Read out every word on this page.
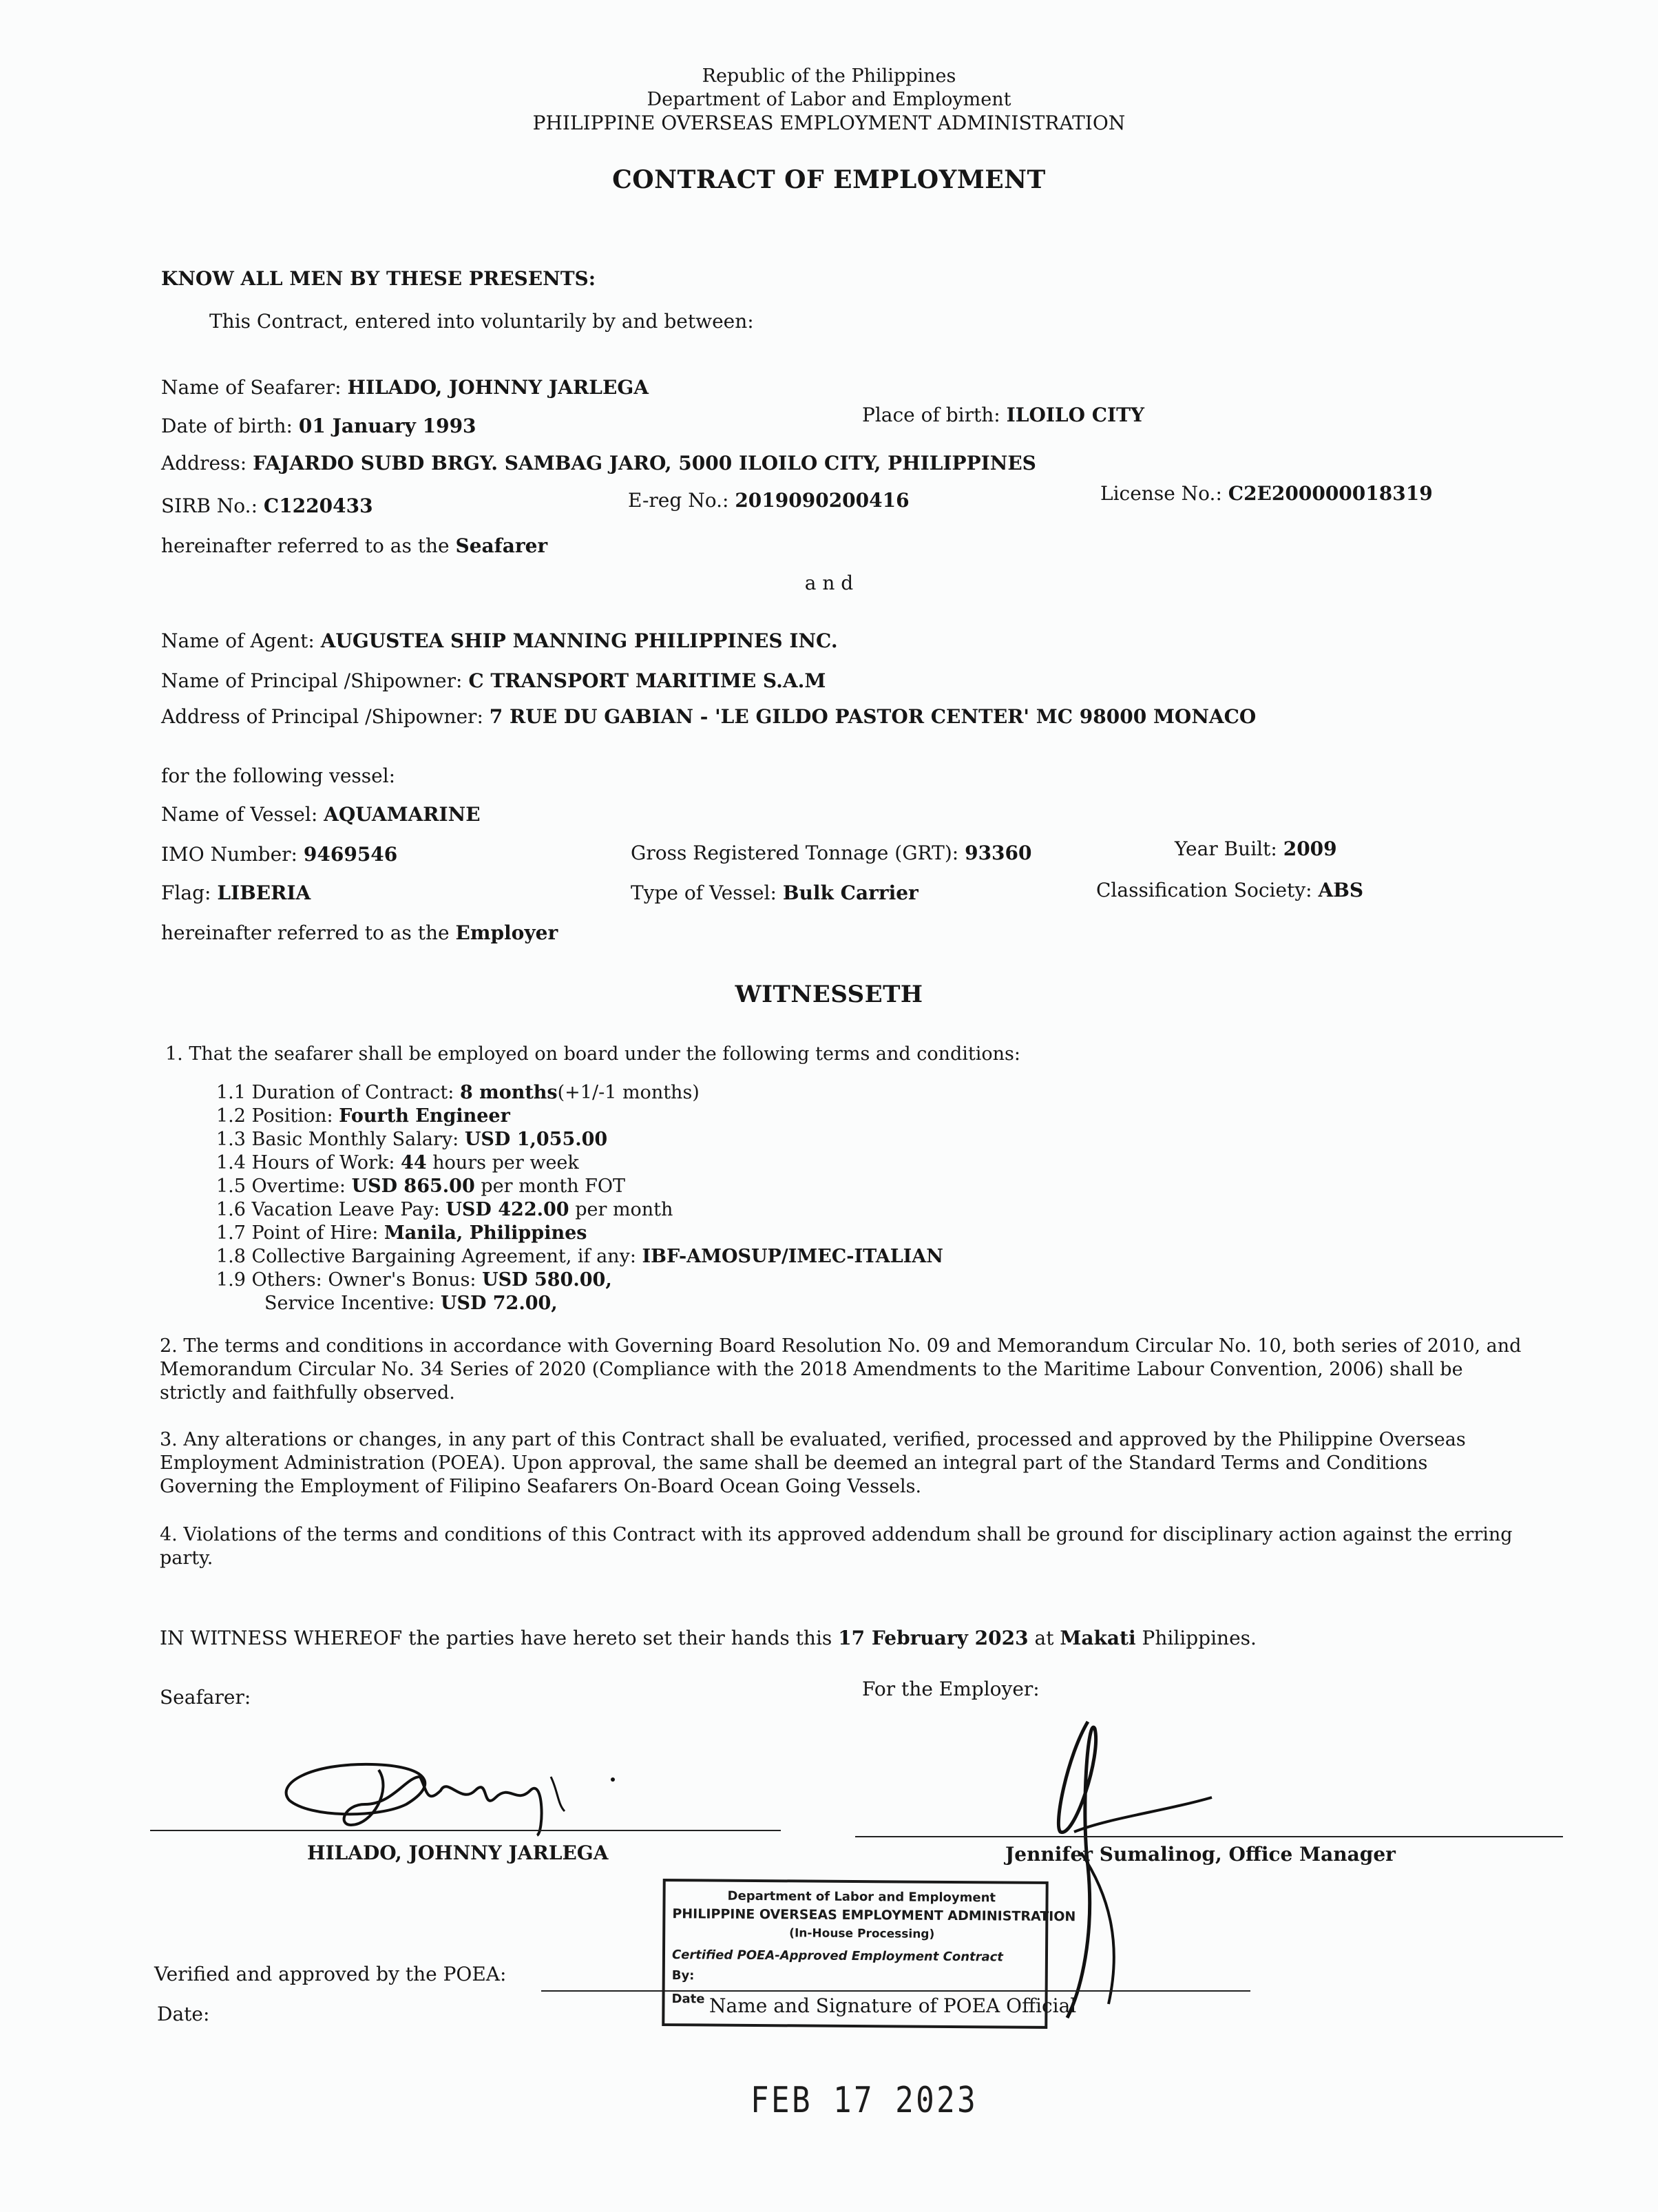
Republic of the Philippines
Department of Labor and Employment
PHILIPPINE OVERSEAS EMPLOYMENT ADMINISTRATION
CONTRACT OF EMPLOYMENT
KNOW ALL MEN BY THESE PRESENTS:
This Contract, entered into voluntarily by and between:
Name of Seafarer: HILADO, JOHNNY JARLEGA
Date of birth: 01 January 1993	Place of birth: ILOILO CITY
Address: FAJARDO SUBD BRGY. SAMBAG JARO, 5000 ILOILO CITY, PHILIPPINES
SIRB No.: C1220433	E-reg No.: 2019090200416	License No.: C2E200000018319
hereinafter referred to as the Seafarer
a n d
Name of Agent: AUGUSTEA SHIP MANNING PHILIPPINES INC.
Name of Principal /Shipowner: C TRANSPORT MARITIME S.A.M
Address of Principal /Shipowner: 7 RUE DU GABIAN - 'LE GILDO PASTOR CENTER' MC 98000 MONACO
for the following vessel:
Name of Vessel: AQUAMARINE
IMO Number: 9469546	Gross Registered Tonnage (GRT): 93360	Year Built: 2009
Flag: LIBERIA	Type of Vessel: Bulk Carrier	Classification Society: ABS
hereinafter referred to as the Employer
WITNESSETH
1. That the seafarer shall be employed on board under the following terms and conditions:
1.1 Duration of Contract: 8 months(+1/-1 months)
1.2 Position: Fourth Engineer
1.3 Basic Monthly Salary: USD 1,055.00
1.4 Hours of Work: 44 hours per week
1.5 Overtime: USD 865.00 per month FOT
1.6 Vacation Leave Pay: USD 422.00 per month
1.7 Point of Hire: Manila, Philippines
1.8 Collective Bargaining Agreement, if any: IBF-AMOSUP/IMEC-ITALIAN
1.9 Others: Owner's Bonus: USD 580.00,
Service Incentive: USD 72.00,
2. The terms and conditions in accordance with Governing Board Resolution No. 09 and Memorandum Circular No. 10, both series of 2010, and Memorandum Circular No. 34 Series of 2020 (Compliance with the 2018 Amendments to the Maritime Labour Convention, 2006) shall be strictly and faithfully observed.
3. Any alterations or changes, in any part of this Contract shall be evaluated, verified, processed and approved by the Philippine Overseas Employment Administration (POEA). Upon approval, the same shall be deemed an integral part of the Standard Terms and Conditions Governing the Employment of Filipino Seafarers On-Board Ocean Going Vessels.
4. Violations of the terms and conditions of this Contract with its approved addendum shall be ground for disciplinary action against the erring party.
IN WITNESS WHEREOF the parties have hereto set their hands this 17 February 2023 at Makati Philippines.
Seafarer:	For the Employer:
HILADO, JOHNNY JARLEGA	Jennifer Sumalinog, Office Manager
Verified and approved by the POEA:
Date:	Name and Signature of POEA Official
Department of Labor and Employment
PHILIPPINE OVERSEAS EMPLOYMENT ADMINISTRATION
(In-House Processing)
Certified POEA-Approved Employment Contract
By:
Date
FEB 17 2023
